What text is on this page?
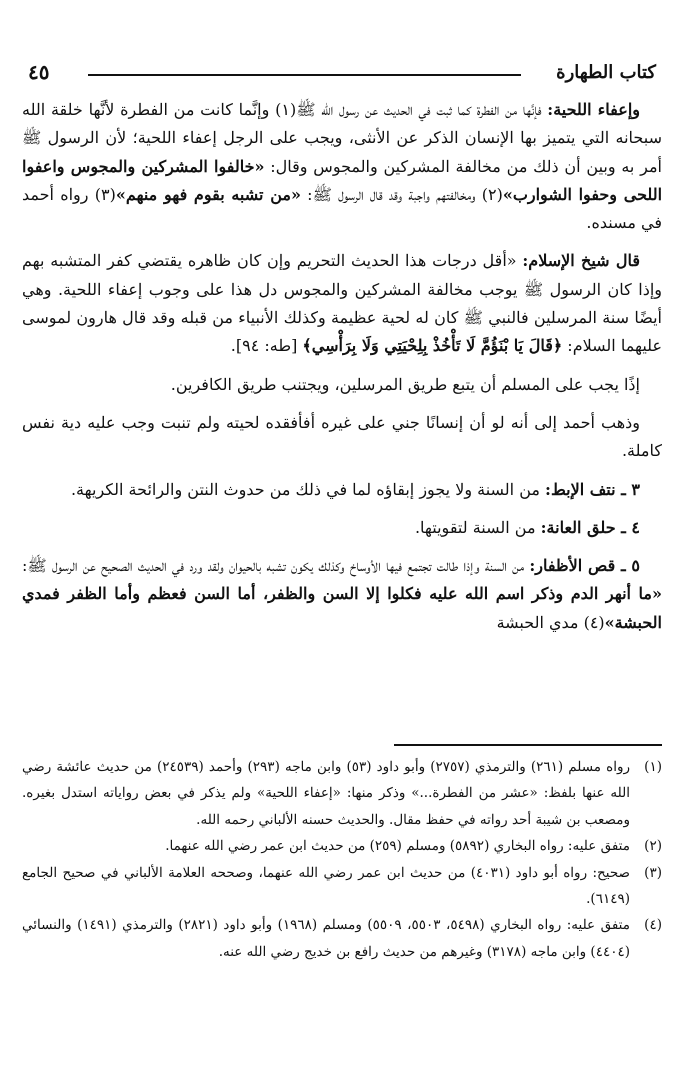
كتاب الطهارة
٤٥

وإعفاء اللحية: فإنَّها من الفطرة كما ثبت في الحديث عن رسول الله ﷺ(١) وإنَّما كانت من الفطرة لأنَّها خلقة الله سبحانه التي يتميز بها الإنسان الذكر عن الأنثى، ويجب على الرجل إعفاء اللحية؛ لأن الرسول ﷺ أمر به وبين أن ذلك من مخالفة المشركين والمجوس وقال: «خالفوا المشركين والمجوس واعفوا اللحى وحفوا الشوارب»(٢) ومخالفتهم واجبة وقد قال الرسول ﷺ: «من تشبه بقوم فهو منهم»(٣) رواه أحمد في مسنده.

قال شيخ الإسلام: «أقل درجات هذا الحديث التحريم وإن كان ظاهره يقتضي كفر المتشبه بهم وإذا كان الرسول ﷺ يوجب مخالفة المشركين والمجوس دل هذا على وجوب إعفاء اللحية. وهي أيضًا سنة المرسلين فالنبي ﷺ كان له لحية عظيمة وكذلك الأنبياء من قبله وقد قال هارون لموسى عليهما السلام: ﴿قَالَ يَا بْنَؤُمَّ لَا تَأْخُذْ بِلِحْيَتِي وَلَا بِرَأْسِي﴾ [طه: ٩٤].

إذًا يجب على المسلم أن يتبع طريق المرسلين، ويجتنب طريق الكافرين.

وذهب أحمد إلى أنه لو أن إنسانًا جني على غيره أفأفقده لحيته ولم تنبت وجب عليه دية نفس كاملة.

٣ ـ نتف الإبط: من السنة ولا يجوز إبقاؤه لما في ذلك من حدوث النتن والرائحة الكريهة.

٤ ـ حلق العانة: من السنة لتقويتها.

٥ ـ قص الأظفار: من السنة وإذا طالت تجتمع فيها الأوساخ وكذلك يكون تشبه بالحيوان ولقد ورد في الحديث الصحيح عن الرسول ﷺ: «ما أنهر الدم وذكر اسم الله عليه فكلوا إلا السن والظفر، أما السن فعظم وأما الظفر فمدي الحبشة»(٤) مدي الحبشة

(١)
رواه مسلم (٢٦١) والترمذي (٢٧٥٧) وأبو داود (٥٣) وابن ماجه (٢٩٣) وأحمد (٢٤٥٣٩) من حديث عائشة رضي الله عنها بلفظ: «عشر من الفطرة...» وذكر منها: «إعفاء اللحية» ولم يذكر في بعض رواياته استدل بغيره. ومصعب بن شيبة أحد رواته في حفظ مقال. والحديث حسنه الألباني رحمه الله.
(٢)
متفق عليه: رواه البخاري (٥٨٩٢) ومسلم (٢٥٩) من حديث ابن عمر رضي الله عنهما.
(٣)
صحيح: رواه أبو داود (٤٠٣١) من حديث ابن عمر رضي الله عنهما، وصححه العلامة الألباني في صحيح الجامع (٦١٤٩).
(٤)
متفق عليه: رواه البخاري (٥٤٩٨، ٥٥٠٣، ٥٥٠٩) ومسلم (١٩٦٨) وأبو داود (٢٨٢١) والترمذي (١٤٩١) والنسائي (٤٤٠٤) وابن ماجه (٣١٧٨) وغيرهم من حديث رافع بن خديج رضي الله عنه.
